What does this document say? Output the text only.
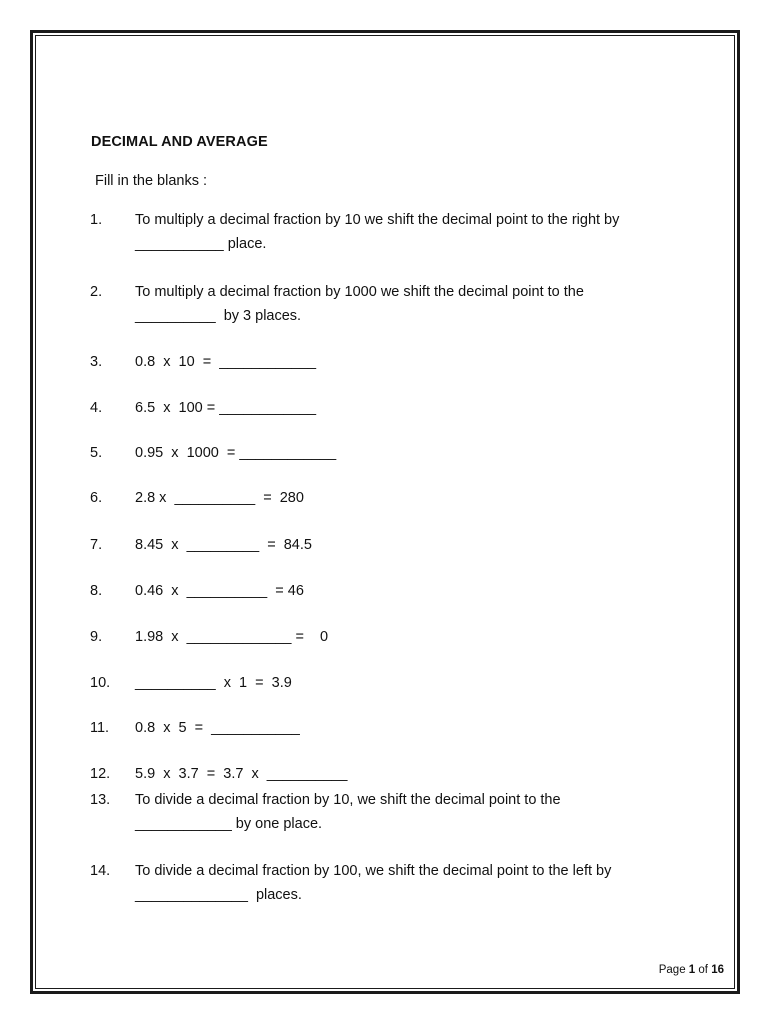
DECIMAL AND AVERAGE
Fill in the blanks :
1. To multiply a decimal fraction by 10 we shift the decimal point to the right by
___________ place.
2. To multiply a decimal fraction by 1000 we shift the decimal point to the
__________  by 3 places.
3. 0.8  x  10  =  ____________
4. 6.5  x  100 = ____________
5. 0.95  x  1000  = ____________
6. 2.8 x  __________  =  280
7. 8.45  x  _________  =  84.5
8. 0.46  x  __________  = 46
9. 1.98  x  _____________ =    0
10. __________  x  1  =  3.9
11. 0.8  x  5  =  ___________
12. 5.9  x  3.7  =  3.7  x  __________
13. To divide a decimal fraction by 10, we shift the decimal point to the
____________ by one place.
14. To divide a decimal fraction by 100, we shift the decimal point to the left by
______________  places.
Page 1 of 16
